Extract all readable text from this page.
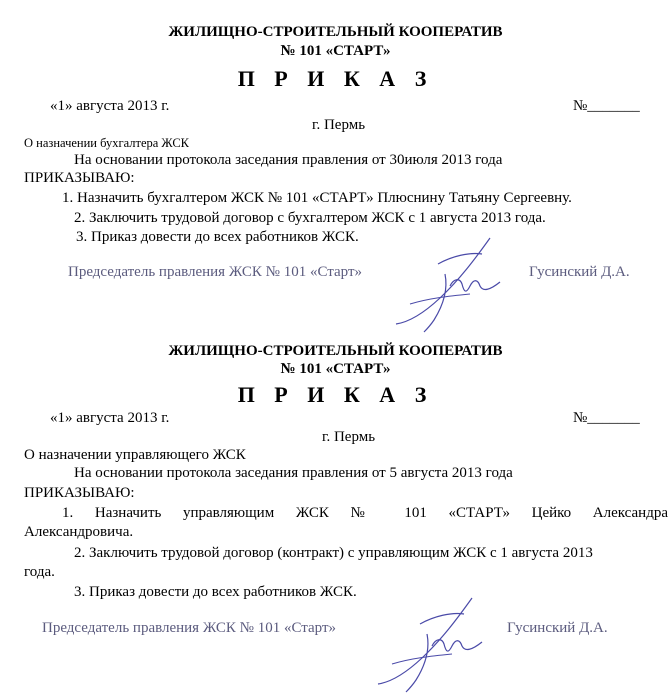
ЖИЛИЩНО-СТРОИТЕЛЬНЫЙ КООПЕРАТИВ
№ 101 «СТАРТ»
П Р И К А З
«1» августа 2013 г.	№_______
г. Пермь
О назначении бухгалтера ЖСК
На основании протокола заседания правления от 30июля 2013 года
ПРИКАЗЫВАЮ:
1. Назначить бухгалтером ЖСК № 101 «СТАРТ» Плюснину Татьяну Сергеевну.
2. Заключить трудовой договор с бухгалтером ЖСК с 1 августа 2013 года.
3. Приказ довести до всех работников ЖСК.
Председатель правления ЖСК № 101 «Старт»	Гусинский Д.А.
ЖИЛИЩНО-СТРОИТЕЛЬНЫЙ КООПЕРАТИВ
№ 101 «СТАРТ»
П Р И К А З
«1» августа 2013 г.	№_______
г. Пермь
О назначении управляющего ЖСК
На основании протокола заседания правления от 5 августа 2013 года
ПРИКАЗЫВАЮ:
1. Назначить управляющим ЖСК № 101 «СТАРТ» Цейко Александра
Александровича.
2. Заключить трудовой договор (контракт) с управляющим ЖСК с 1 августа 2013
года.
3. Приказ довести до всех работников ЖСК.
Председатель правления ЖСК № 101 «Старт»	Гусинский Д.А.
